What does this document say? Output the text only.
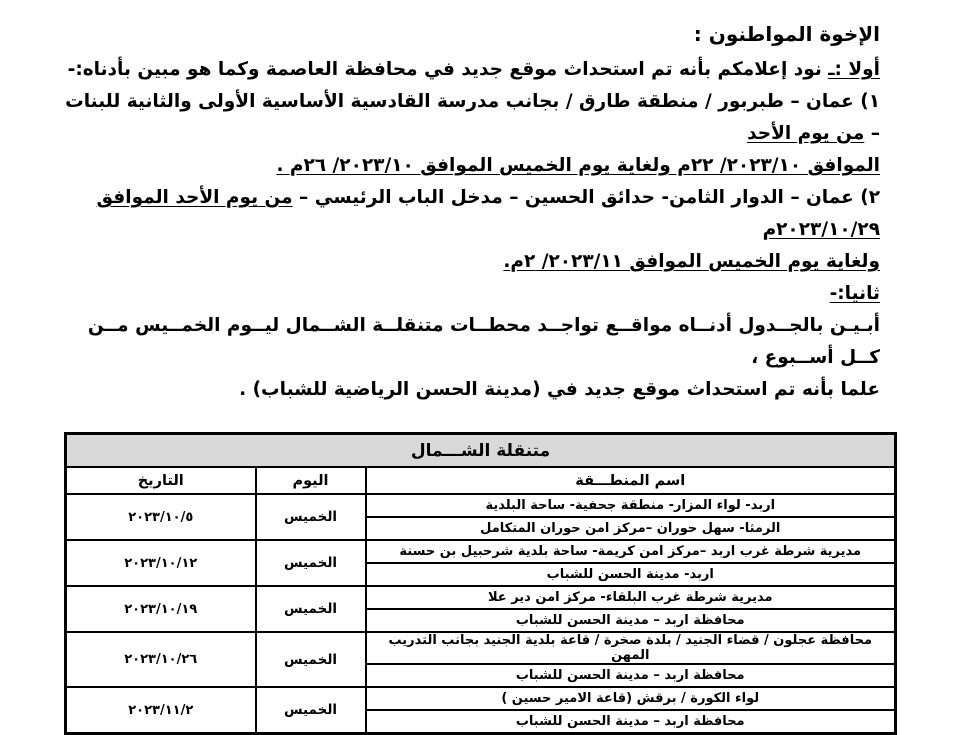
الإخوة المواطنون :

أولا :ـ نود إعلامكم بأنه تم استحداث موقع جديد في محافظة العاصمة وكما هو مبين بأدناه:-

١) عمان – طبربور / منطقة طارق / بجانب مدرسة القادسية الأساسية الأولى والثانية للبنات – من يوم الأحد

الموافق ٢٠٢٣/١٠/ ٢٢م ولغاية يوم الخميس الموافق ٢٠٢٣/١٠/ ٢٦م .

٢) عمان – الدوار الثامن- حدائق الحسين – مدخل الباب الرئيسي – من يوم الأحد الموافق ٢٠٢٣/١٠/٢٩م

ولغاية يوم الخميس الموافق ٢٠٢٣/١١/ ٢م.

ثانيا:-

أبـيـن بالجــدول أدنــاه مواقــع تواجــد محطــات متنقلــة الشــمال ليــوم الخمــيس مــن كــل أســبوع ،

علما بأنه تم استحداث موقع جديد في (مدينة الحسن الرياضية للشباب) .

متنقلة الشـــمال		
اسم المنطـــقة	اليوم	التاريخ
اربد- لواء المزار- منطقة جحفية- ساحة البلدية	الخميس	٢٠٢٣/١٠/٥
الرمثا- سهل حوران –مركز امن حوران المتكامل		
مديرية شرطة غرب اربد –مركز امن كريمة- ساحة بلدية شرحبيل بن حسنة	الخميس	٢٠٢٣/١٠/١٢
اربد- مدينة الحسن للشباب		
مديرية شرطة غرب البلقاء- مركز امن دير علا	الخميس	٢٠٢٣/١٠/١٩
محافظة اربد – مدينة الحسن للشباب		
محافظة عجلون / قضاء الجنيد / بلدة صخرة / قاعة بلدية الجنيد بجانب التدريب المهن	الخميس	٢٠٢٣/١٠/٢٦
محافظة اربد – مدينة الحسن للشباب		
لواء الكورة / برقش (قاعة الامير حسين )	الخميس	٢٠٢٣/١١/٢
محافظة اربد – مدينة الحسن للشباب		
